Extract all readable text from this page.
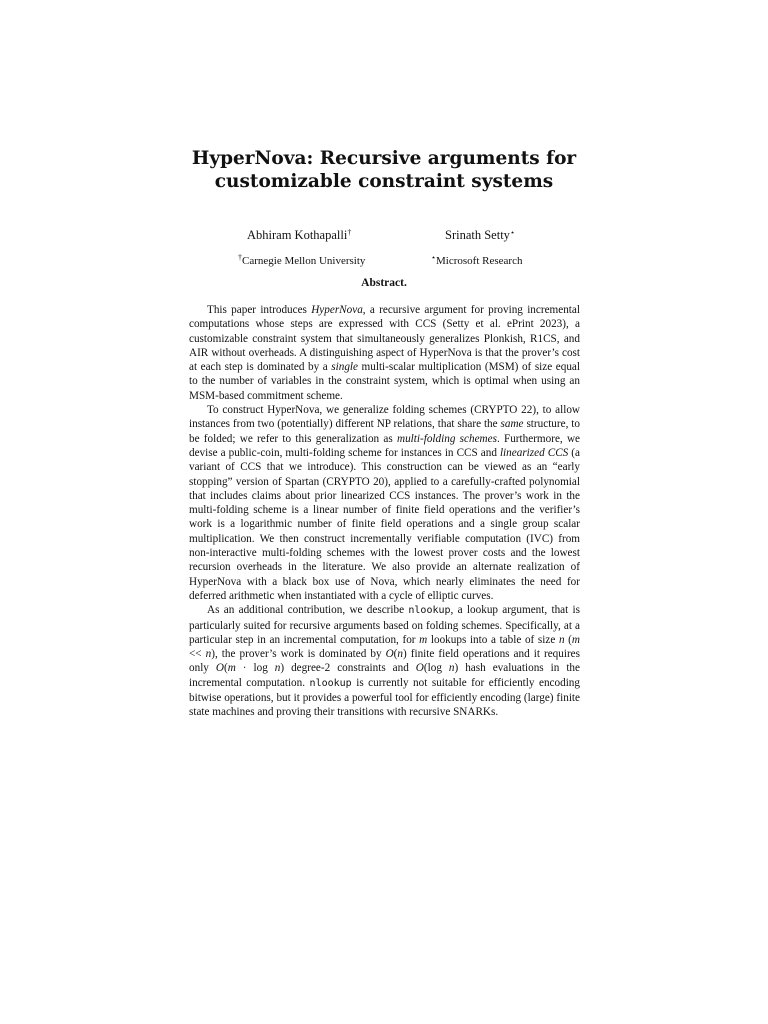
HyperNova: Recursive arguments for
customizable constraint systems
Abhiram Kothapalli†	Srinath Setty⋆
†Carnegie Mellon University	⋆Microsoft Research
Abstract.

This paper introduces HyperNova, a recursive argument for proving incremental computations whose steps are expressed with CCS (Setty et al. ePrint 2023), a customizable constraint system that simultaneously generalizes Plonkish, R1CS, and AIR without overheads. A distinguishing aspect of HyperNova is that the prover’s cost at each step is dominated by a single multi-scalar multiplication (MSM) of size equal to the number of variables in the constraint system, which is optimal when using an MSM-based commitment scheme.

To construct HyperNova, we generalize folding schemes (CRYPTO 22), to allow instances from two (potentially) different NP relations, that share the same structure, to be folded; we refer to this generalization as multi-folding schemes. Furthermore, we devise a public-coin, multi-folding scheme for instances in CCS and linearized CCS (a variant of CCS that we introduce). This construction can be viewed as an “early stopping” version of Spartan (CRYPTO 20), applied to a carefully-crafted polynomial that includes claims about prior linearized CCS instances. The prover’s work in the multi-folding scheme is a linear number of finite field operations and the verifier’s work is a logarithmic number of finite field operations and a single group scalar multiplication. We then construct incrementally verifiable computation (IVC) from non-interactive multi-folding schemes with the lowest prover costs and the lowest recursion overheads in the literature. We also provide an alternate realization of HyperNova with a black box use of Nova, which nearly eliminates the need for deferred arithmetic when instantiated with a cycle of elliptic curves.

As an additional contribution, we describe nlookup, a lookup argument, that is particularly suited for recursive arguments based on folding schemes. Specifically, at a particular step in an incremental computation, for m lookups into a table of size n (m << n), the prover’s work is dominated by O(n) finite field operations and it requires only O(m · log n) degree-2 constraints and O(log n) hash evaluations in the incremental computation. nlookup is currently not suitable for efficiently encoding bitwise operations, but it provides a powerful tool for efficiently encoding (large) finite state machines and proving their transitions with recursive SNARKs.
